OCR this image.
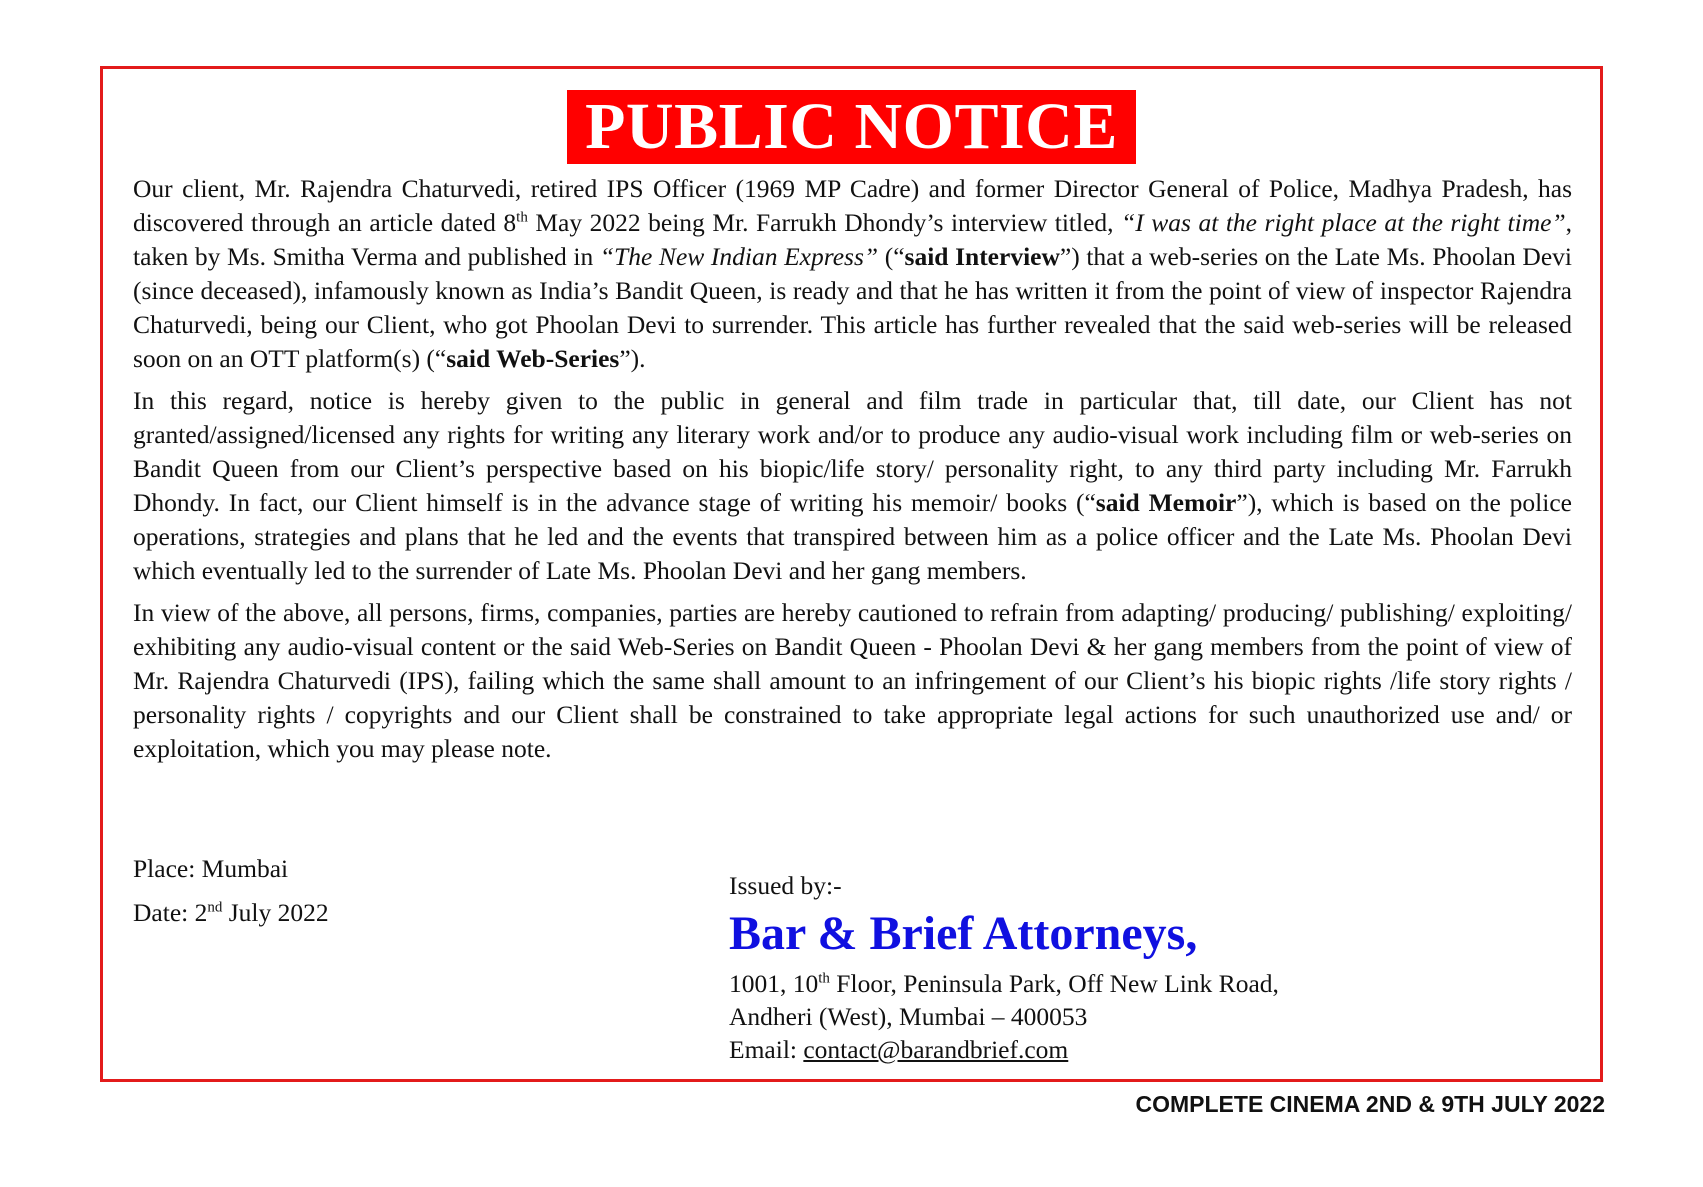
PUBLIC NOTICE

Our client, Mr. Rajendra Chaturvedi, retired IPS Officer (1969 MP Cadre) and former Director General of Police, Madhya Pradesh, has discovered through an article dated 8th May 2022 being Mr. Farrukh Dhondy’s interview titled, “I was at the right place at the right time”, taken by Ms. Smitha Verma and published in “The New Indian Express” (“said Interview”) that a web-series on the Late Ms. Phoolan Devi (since deceased), infamously known as India’s Bandit Queen, is ready and that he has written it from the point of view of inspector Rajendra Chaturvedi, being our Client, who got Phoolan Devi to surrender. This article has further revealed that the said web-series will be released soon on an OTT platform(s) (“said Web-Series”).

In this regard, notice is hereby given to the public in general and film trade in particular that, till date, our Client has not granted/assigned/licensed any rights for writing any literary work and/or to produce any audio-visual work including film or web-series on Bandit Queen from our Client’s perspective based on his biopic/life story/ personality right, to any third party including Mr. Farrukh Dhondy. In fact, our Client himself is in the advance stage of writing his memoir/ books (“said Memoir”), which is based on the police operations, strategies and plans that he led and the events that transpired between him as a police officer and the Late Ms. Phoolan Devi which eventually led to the surrender of Late Ms. Phoolan Devi and her gang members.

In view of the above, all persons, firms, companies, parties are hereby cautioned to refrain from adapting/ producing/ publishing/ exploiting/ exhibiting any audio-visual content or the said Web-Series on Bandit Queen - Phoolan Devi & her gang members from the point of view of Mr. Rajendra Chaturvedi (IPS), failing which the same shall amount to an infringement of our Client’s his biopic rights /life story rights / personality rights / copyrights and our Client shall be constrained to take appropriate legal actions for such unauthorized use and/ or exploitation, which you may please note.

Place: Mumbai
Date: 2nd July 2022
Issued by:-
Bar & Brief Attorneys,
1001, 10th Floor, Peninsula Park, Off New Link Road,
Andheri (West), Mumbai – 400053
Email: contact@barandbrief.com
COMPLETE CINEMA 2ND & 9TH JULY 2022
